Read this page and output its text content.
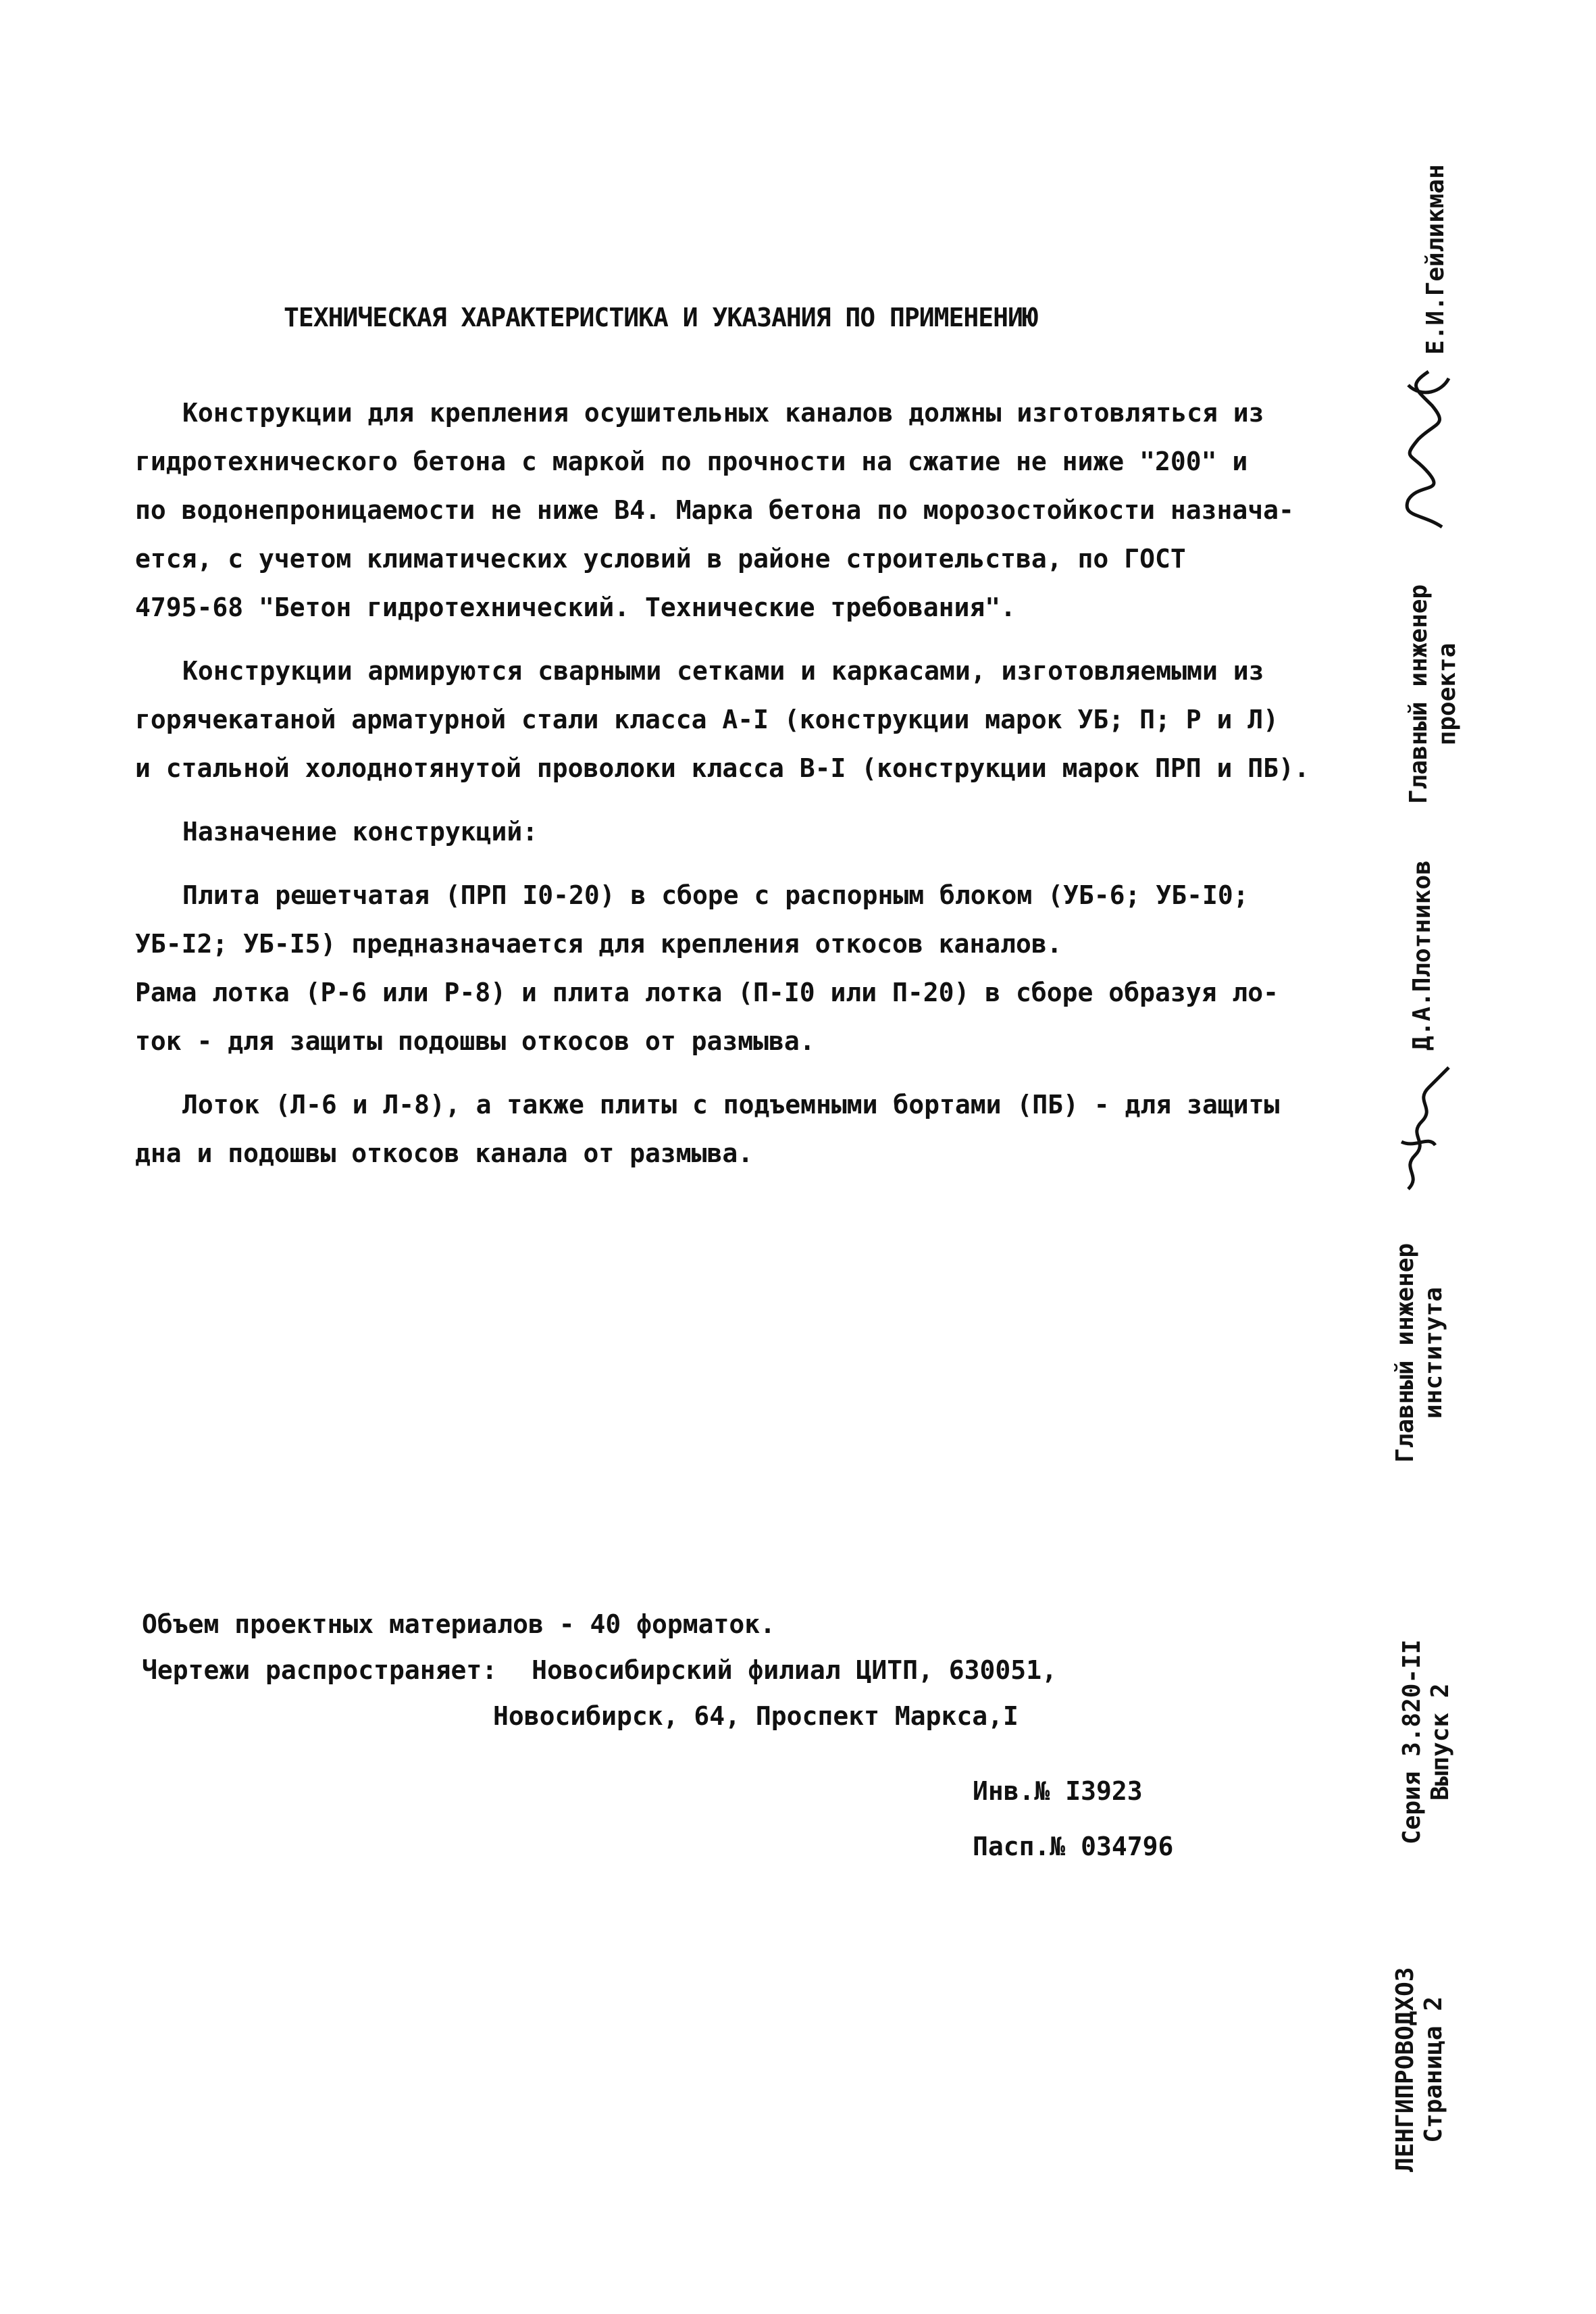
ТЕХНИЧЕСКАЯ ХАРАКТЕРИСТИКА И УКАЗАНИЯ ПО ПРИМЕНЕНИЮ

Конструкции для крепления осушительных каналов должны изготовляться из
гидротехнического бетона с маркой по прочноcти на сжатие не ниже "200" и
по водонепроницаемости не ниже В4. Марка бетона по морозостойкости назнача-
ется, с учетом климатических условий в районе строительства, по ГОСТ
4795-68 "Бетон гидротехнический. Технические требования".

Конструкции армируются сварными сетками и каркасами, изготовляемыми из
горячекатаной арматурной стали класса А-I (конструкции марок УБ; П; Р и Л)
и стальной холоднотянутой проволоки класса В-I (конструкции марок ПРП и ПБ).

Назначение конструкций:

Плита решетчатая (ПРП I0-20) в сборе с распорным блоком (УБ-6; УБ-I0;
УБ-I2; УБ-I5) предназначается для крепления откосов каналов.
Рама лотка (Р-6 или Р-8) и плита лотка (П-I0 или П-20) в сборе образуя ло-
ток - для защиты подошвы откосов от размыва.

Лоток (Л-6 и Л-8), а также плиты с подъемными бортами (ПБ) - для защиты
дна и подошвы откосов канала от размыва.

Объем проектных материалов - 40 форматок.
Чертежи распространяет: Новосибирский филиал ЦИТП, 630051,
Новосибирск, 64, Проспект Маркса,I
Инв.№ I3923
Пасп.№ 034796
Е.И.Гейликман
Главный инженер проекта
Д.А.Плотников
Главный инженер института
Серия 3.820-II Выпуск 2
ЛЕНГИПРОВОДХОЗ Страница 2
